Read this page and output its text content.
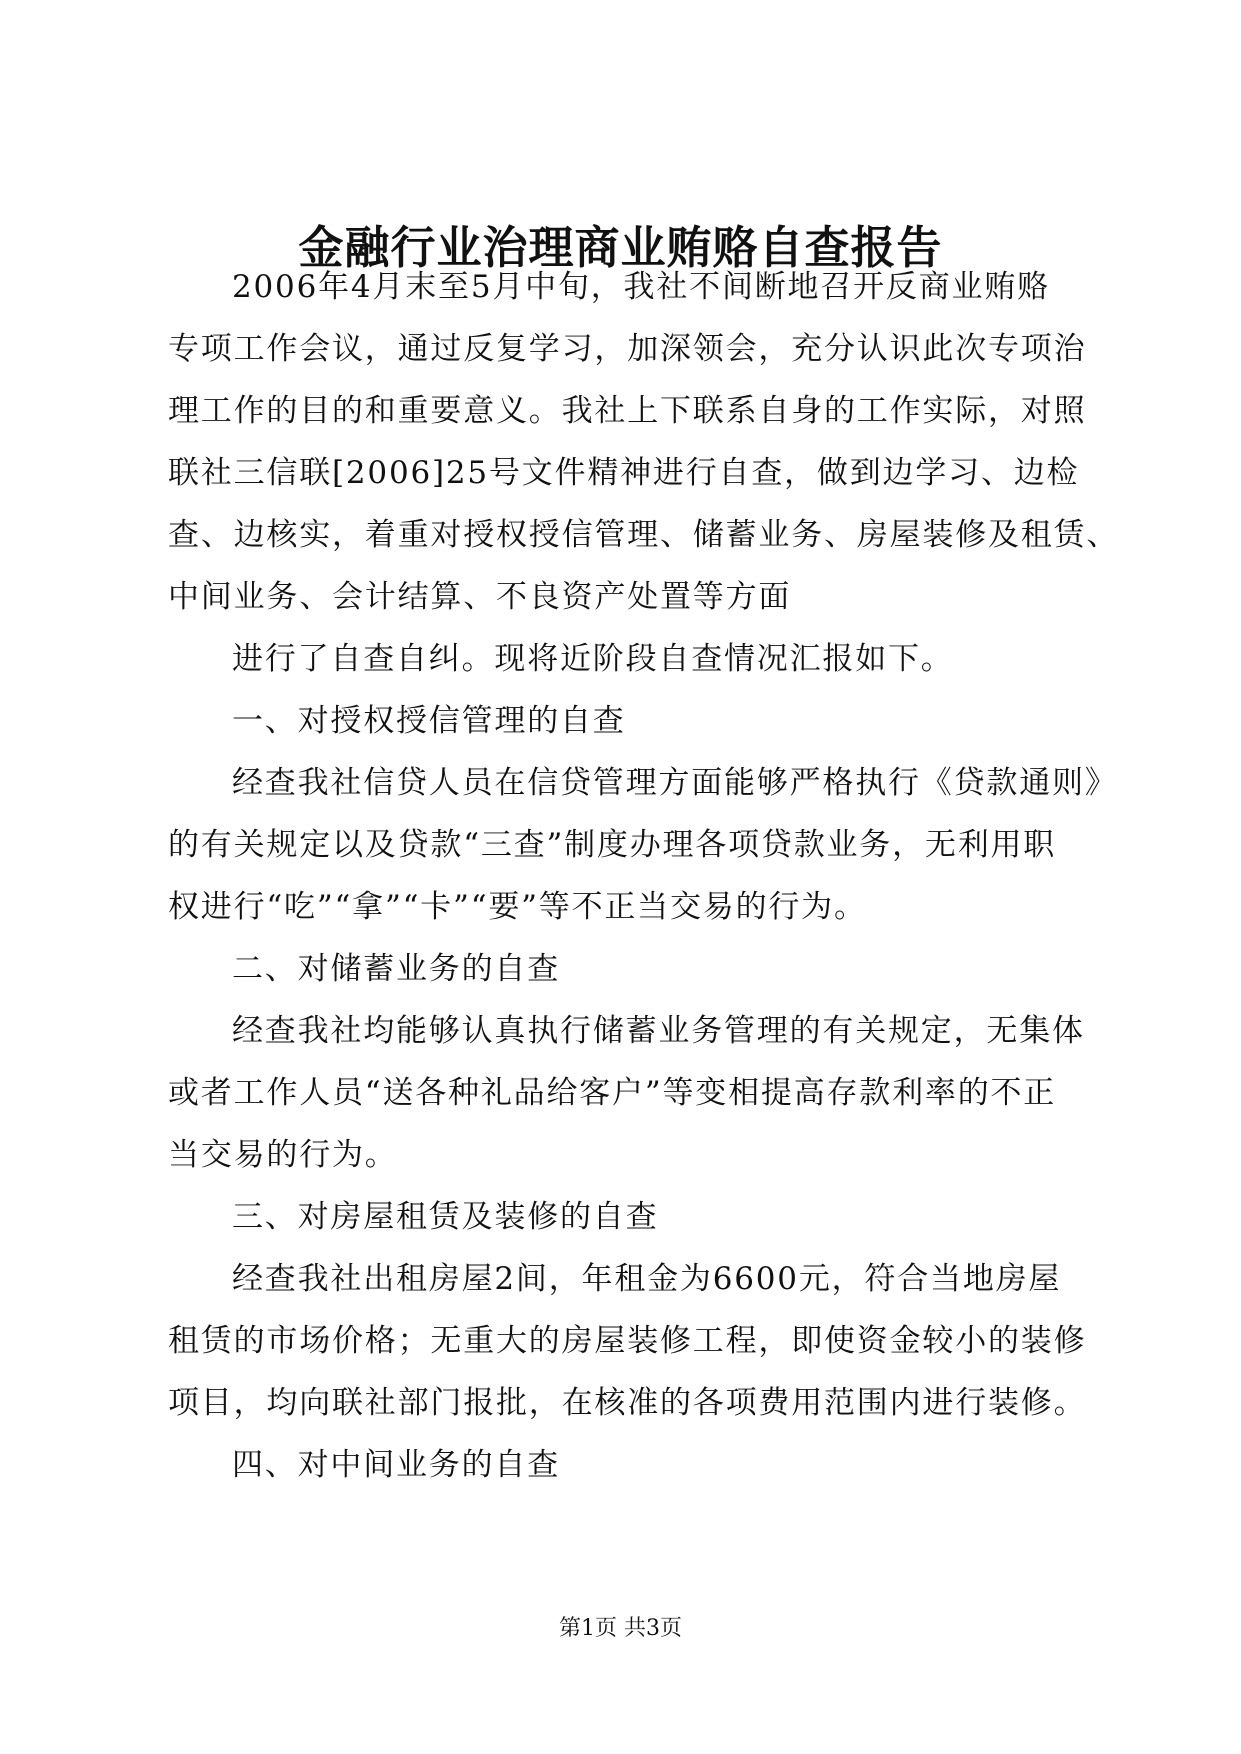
金融行业治理商业贿赂自查报告
2006年4月末至5月中旬，我社不间断地召开反商业贿赂
专项工作会议，通过反复学习，加深领会，充分认识此次专项治
理工作的目的和重要意义。我社上下联系自身的工作实际，对照
联社三信联[2006]25号文件精神进行自查，做到边学习、边检
查、边核实，着重对授权授信管理、储蓄业务、房屋装修及租赁、
中间业务、会计结算、不良资产处置等方面
进行了自查自纠。现将近阶段自查情况汇报如下。
一、对授权授信管理的自查
经查我社信贷人员在信贷管理方面能够严格执行《贷款通则》
的有关规定以及贷款“三查”制度办理各项贷款业务，无利用职
权进行“吃”“拿”“卡”“要”等不正当交易的行为。
二、对储蓄业务的自查
经查我社均能够认真执行储蓄业务管理的有关规定，无集体
或者工作人员“送各种礼品给客户”等变相提高存款利率的不正
当交易的行为。
三、对房屋租赁及装修的自查
经查我社出租房屋2间，年租金为6600元，符合当地房屋
租赁的市场价格；无重大的房屋装修工程，即使资金较小的装修
项目，均向联社部门报批，在核准的各项费用范围内进行装修。
四、对中间业务的自查
第1页 共3页
